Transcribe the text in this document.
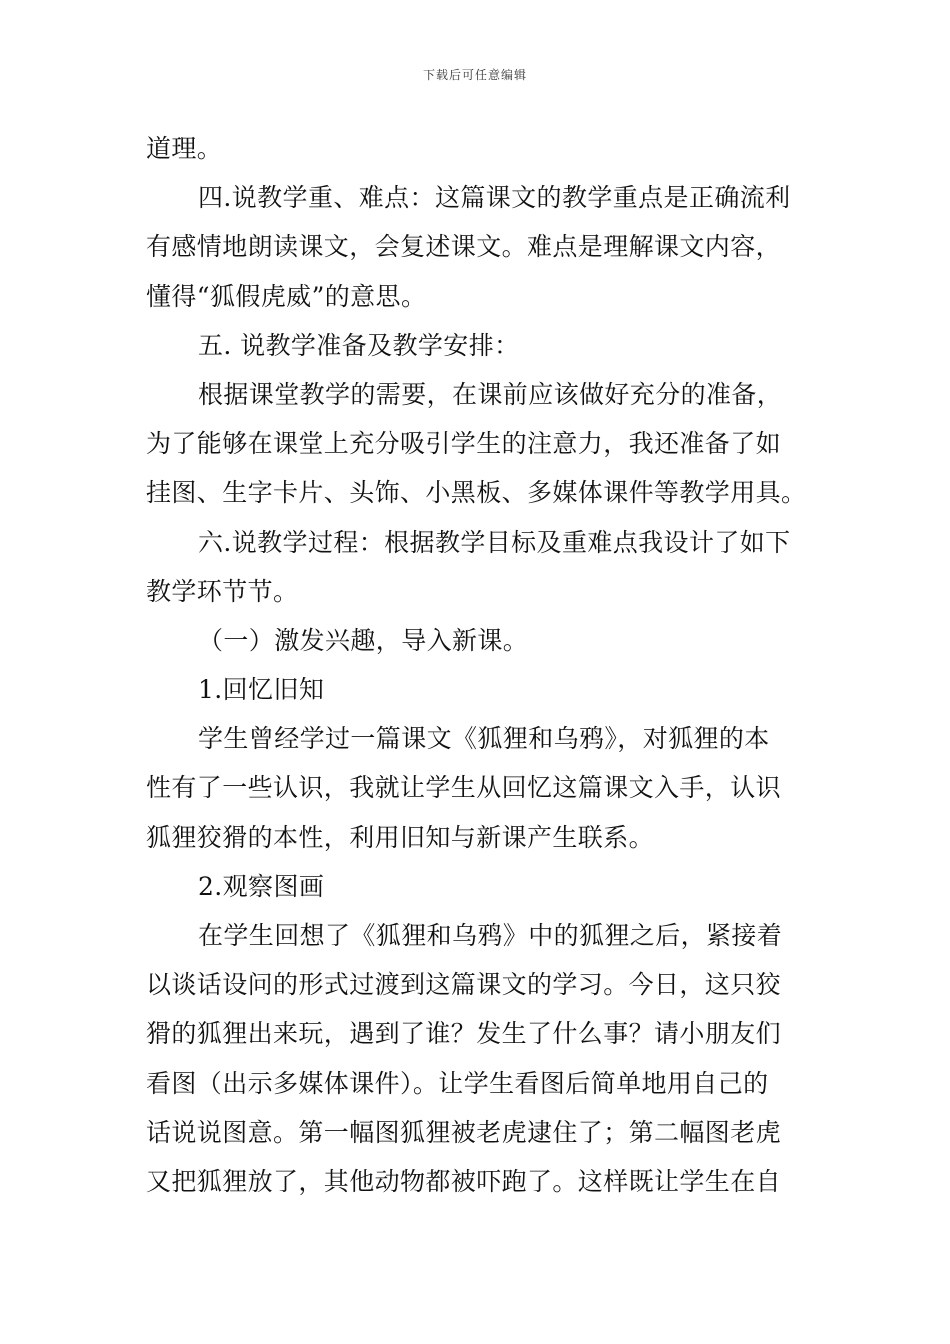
下载后可任意编辑
道理。
四.说教学重、难点：这篇课文的教学重点是正确流利
有感情地朗读课文，会复述课文。难点是理解课文内容，
懂得“狐假虎威”的意思。
五. 说教学准备及教学安排：
根据课堂教学的需要，在课前应该做好充分的准备，
为了能够在课堂上充分吸引学生的注意力，我还准备了如
挂图、生字卡片、头饰、小黑板、多媒体课件等教学用具。
六.说教学过程：根据教学目标及重难点我设计了如下
教学环节节。
（一）激发兴趣，导入新课。
1.回忆旧知
学生曾经学过一篇课文《狐狸和乌鸦》，对狐狸的本
性有了一些认识，我就让学生从回忆这篇课文入手，认识
狐狸狡猾的本性，利用旧知与新课产生联系。
2.观察图画
在学生回想了《狐狸和乌鸦》中的狐狸之后，紧接着
以谈话设问的形式过渡到这篇课文的学习。今日，这只狡
猾的狐狸出来玩，遇到了谁？发生了什么事？请小朋友们
看图（出示多媒体课件）。让学生看图后简单地用自己的
话说说图意。第一幅图狐狸被老虎逮住了；第二幅图老虎
又把狐狸放了，其他动物都被吓跑了。这样既让学生在自
